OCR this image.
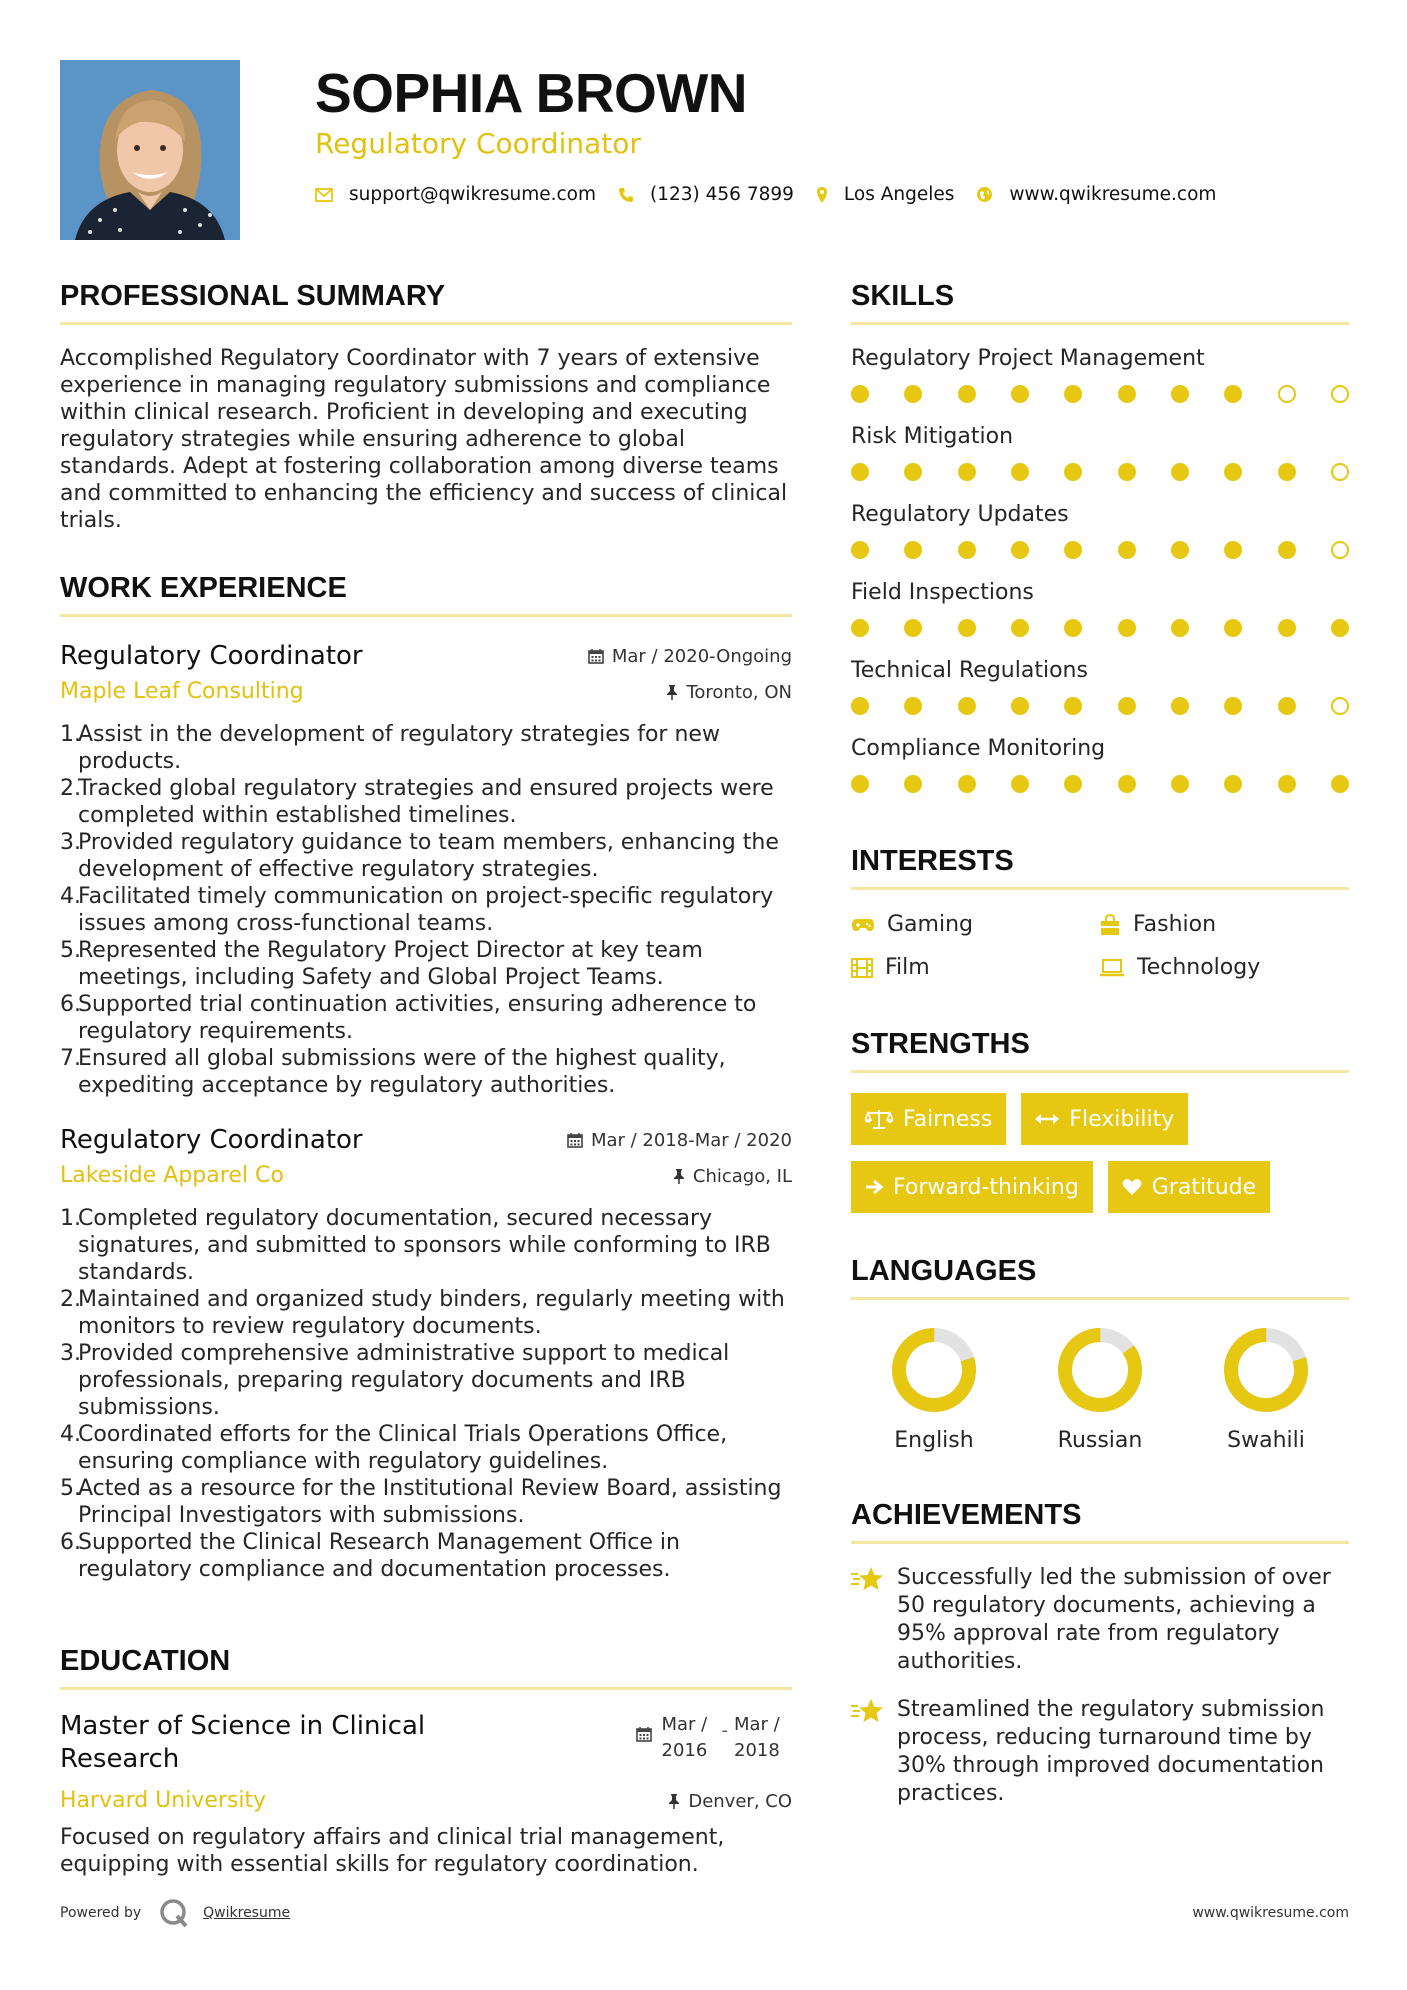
SOPHIA BROWN
Regulatory Coordinator
support@qwikresume.com	(123) 456 7899	Los Angeles	www.qwikresume.com
PROFESSIONAL SUMMARY

Accomplished Regulatory Coordinator with 7 years of extensive experience in managing regulatory submissions and compliance within clinical research. Proficient in developing and executing regulatory strategies while ensuring adherence to global standards. Adept at fostering collaboration among diverse teams and committed to enhancing the efficiency and success of clinical trials.

WORK EXPERIENCE
Regulatory Coordinator	Mar / 2020-Ongoing
Maple Leaf Consulting	Toronto, ON
1.
Assist in the development of regulatory strategies for new products.
2.
Tracked global regulatory strategies and ensured projects were completed within established timelines.
3.
Provided regulatory guidance to team members, enhancing the development of effective regulatory strategies.
4.
Facilitated timely communication on project-specific regulatory issues among cross-functional teams.
5.
Represented the Regulatory Project Director at key team meetings, including Safety and Global Project Teams.
6.
Supported trial continuation activities, ensuring adherence to regulatory requirements.
7.
Ensured all global submissions were of the highest quality, expediting acceptance by regulatory authorities.
Regulatory Coordinator	Mar / 2018-Mar / 2020
Lakeside Apparel Co	Chicago, IL
1.
Completed regulatory documentation, secured necessary signatures, and submitted to sponsors while conforming to IRB standards.
2.
Maintained and organized study binders, regularly meeting with monitors to review regulatory documents.
3.
Provided comprehensive administrative support to medical professionals, preparing regulatory documents and IRB submissions.
4.
Coordinated efforts for the Clinical Trials Operations Office, ensuring compliance with regulatory guidelines.
5.
Acted as a resource for the Institutional Review Board, assisting Principal Investigators with submissions.
6.
Supported the Clinical Research Management Office in regulatory compliance and documentation processes.
EDUCATION
Master of Science in Clinical Research
Mar / 2016
- Mar / 2018
Harvard University	Denver, CO

Focused on regulatory affairs and clinical trial management, equipping with essential skills for regulatory coordination.

SKILLS
Regulatory Project Management
Risk Mitigation
Regulatory Updates
Field Inspections
Technical Regulations
Compliance Monitoring
INTERESTS
Gaming	Fashion
Film	Technology
STRENGTHS
Fairness	Flexibility
Forward-thinking	Gratitude
LANGUAGES
English	Russian	Swahili
ACHIEVEMENTS
Successfully led the submission of over 50 regulatory documents, achieving a 95% approval rate from regulatory authorities.
Streamlined the regulatory submission process, reducing turnaround time by 30% through improved documentation practices.
Powered by	Qwikresume	www.qwikresume.com
